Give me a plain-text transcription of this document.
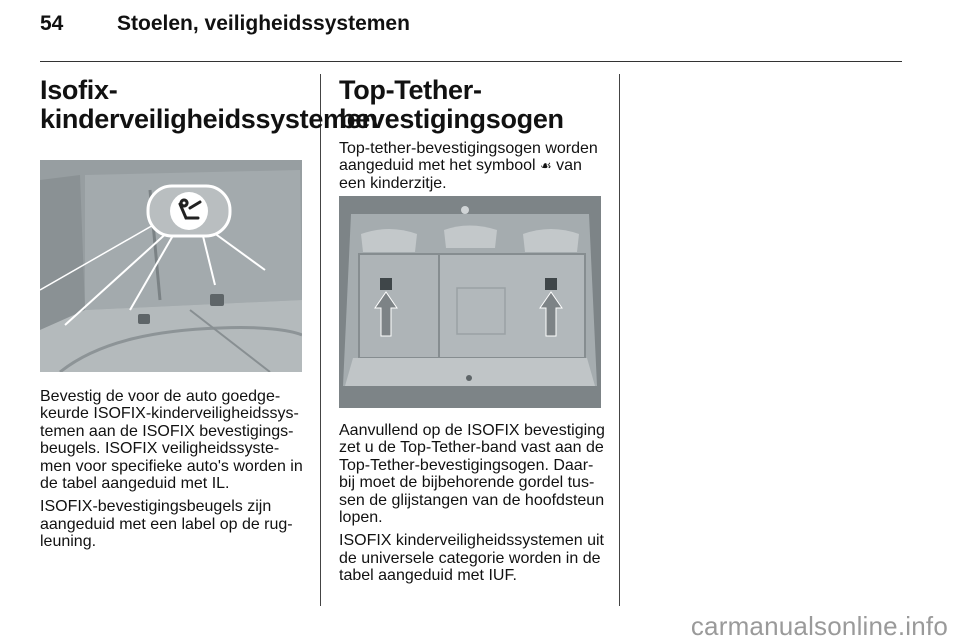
54	Stoelen, veiligheidssystemen
Isofix-
kinderveiligheidssystemen

Bevestig de voor de auto goedge-keurde ISOFIX-kinderveiligheidssys-temen aan de ISOFIX bevestigings-beugels. ISOFIX veiligheidssyste-men voor specifieke auto's worden in de tabel aangeduid met IL.

ISOFIX-bevestigingsbeugels zijn aangeduid met een label op de rug-leuning.

Top-Tether-
bevestigingsogen

Top-tether-bevestigingsogen worden aangeduid met het symbool ☙ van een kinderzitje.

Aanvullend op de ISOFIX bevestiging zet u de Top-Tether-band vast aan de Top-Tether-bevestigingsogen. Daar-bij moet de bijbehorende gordel tus-sen de glijstangen van de hoofdsteun lopen.

ISOFIX kinderveiligheidssystemen uit de universele categorie worden in de tabel aangeduid met IUF.

carmanualsonline.info
